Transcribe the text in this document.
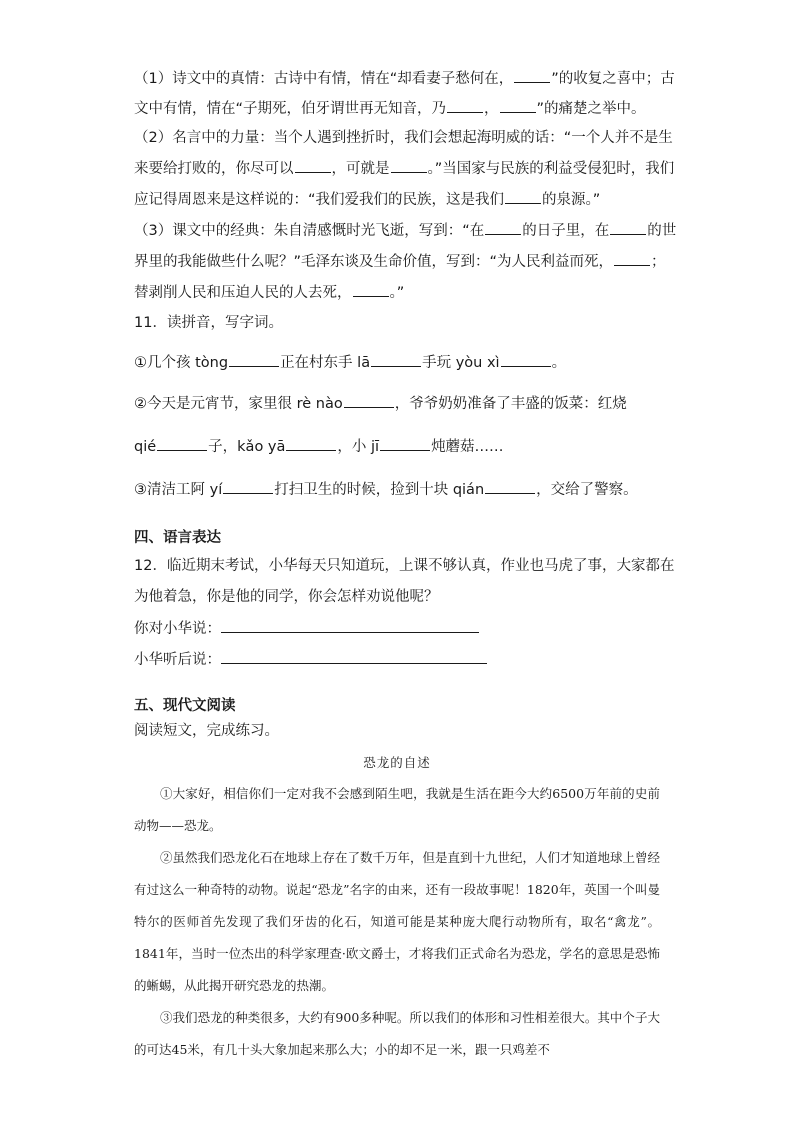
（1）诗文中的真情：古诗中有情，情在“却看妻子愁何在，	”的收复之喜中；古
文中有情，情在“子期死，伯牙谓世再无知音，乃	，	”的痛楚之举中。
（2）名言中的力量：当个人遇到挫折时，我们会想起海明威的话：“一个人并不是生
来要给打败的，你尽可以	，可就是	。”当国家与民族的利益受侵犯时，我们
应记得周恩来是这样说的：“我们爱我们的民族，这是我们	的泉源。”
（3）课文中的经典：朱自清感慨时光飞逝，写到：“在	的日子里，在	的世
界里的我能做些什么呢？”毛泽东谈及生命价值，写到：“为人民利益而死，	；
替剥削人民和压迫人民的人去死，	。”
11．读拼音，写字词。
①几个孩 tòng	正在村东手 lā	手玩 yòu xì	。
②今天是元宵节，家里很 rè nào	，爷爷奶奶准备了丰盛的饭菜：红烧
qié	子，kǎo yā	，小 jī	炖蘑菇……
③清洁工阿 yí	打扫卫生的时候，捡到十块 qián	，交给了警察。
四、语言表达
12．临近期末考试，小华每天只知道玩，上课不够认真，作业也马虎了事，大家都在
为他着急，你是他的同学，你会怎样劝说他呢？
你对小华说：
小华听后说：
五、现代文阅读
阅读短文，完成练习。
恐龙的自述
①大家好，相信你们一定对我不会感到陌生吧，我就是生活在距今大约6500万年前的史前动物——恐龙。
②虽然我们恐龙化石在地球上存在了数千万年，但是直到十九世纪，人们才知道地球上曾经有过这么一种奇特的动物。说起“恐龙”名字的由来，还有一段故事呢！1820年，英国一个叫曼特尔的医师首先发现了我们牙齿的化石，知道可能是某种庞大爬行动物所有，取名“禽龙”。1841年，当时一位杰出的科学家理查·欧文爵士，才将我们正式命名为恐龙，学名的意思是恐怖的蜥蜴，从此揭开研究恐龙的热潮。
③我们恐龙的种类很多，大约有900多种呢。所以我们的体形和习性相差很大。其中个子大的可达45米，有几十头大象加起来那么大；小的却不足一米，跟一只鸡差不
